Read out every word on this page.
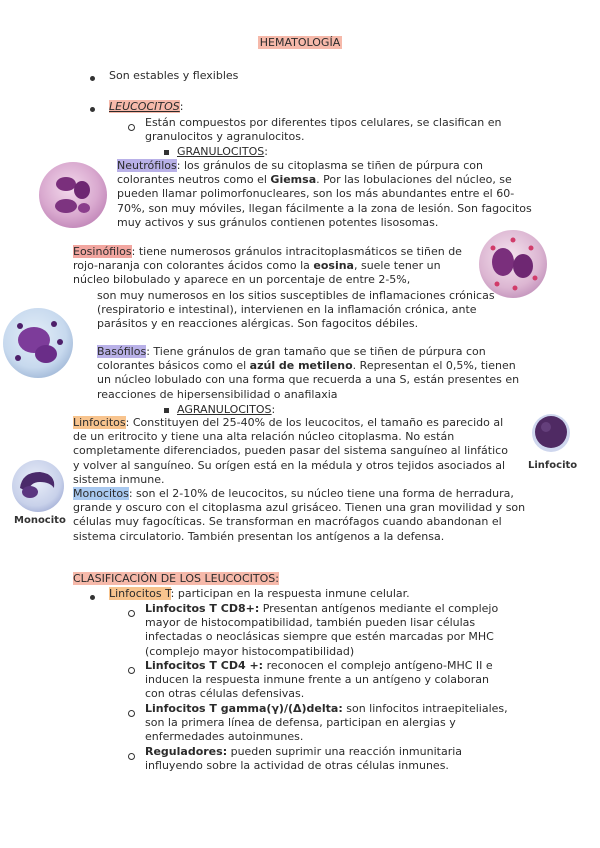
HEMATOLOGÍA
Son estables y flexibles
LEUCOCITOS:
Están compuestos por diferentes tipos celulares, se clasifican en granulocitos y agranulocitos.
GRANULOCITOS:
Neutrófilos: los gránulos de su citoplasma se tiñen de púrpura con colorantes neutros como el Giemsa. Por las lobulaciones del núcleo, se pueden llamar polimorfonucleares, son los más abundantes entre el 60-70%, son muy móviles, llegan fácilmente a la zona de lesión. Son fagocitos muy activos y sus gránulos contienen potentes lisosomas.
Eosinófilos: tiene numerosos gránulos intracitoplasmáticos se tiñen de rojo-naranja con colorantes ácidos como la eosina, suele tener un núcleo bilobulado y aparece en un porcentaje de entre 2-5%,
son muy numerosos en los sitios susceptibles de inflamaciones crónicas (respiratorio e intestinal), intervienen en la inflamación crónica, ante parásitos y en reacciones alérgicas. Son fagocitos débiles.
Basófilos: Tiene gránulos de gran tamaño que se tiñen de púrpura con colorantes básicos como el azúl de metileno. Representan el 0,5%, tienen un núcleo lobulado con una forma que recuerda a una S, están presentes en reacciones de hipersensibilidad o anafilaxia
AGRANULOCITOS:
Linfocitos: Constituyen del 25-40% de los leucocitos, el tamaño es parecido al de un eritrocito y tiene una alta relación núcleo citoplasma. No están completamente diferenciados, pueden pasar del sistema sanguíneo al linfático y volver al sanguíneo. Su orígen está en la médula y otros tejidos asociados al sistema inmune.
Linfocito
Monocito
Monocitos: son el 2-10% de leucocitos, su núcleo tiene una forma de herradura, grande y oscuro con el citoplasma azul grisáceo. Tienen una gran movilidad y son células muy fagocíticas. Se transforman en macrófagos cuando abandonan el sistema circulatorio. También presentan los antígenos a la defensa.
CLASIFICACIÓN DE LOS LEUCOCITOS:
Linfocitos T: participan en la respuesta inmune celular.
Linfocitos T CD8+: Presentan antígenos mediante el complejo mayor de histocompatibilidad, también pueden lisar células infectadas o neoclásicas siempre que estén marcadas por MHC (complejo mayor histocompatibilidad)
Linfocitos T CD4 +: reconocen el complejo antígeno-MHC II e inducen la respuesta inmune frente a un antígeno y colaboran con otras células defensivas.
Linfocitos T gamma(γ)/(Δ)delta: son linfocitos intraepiteliales, son la primera línea de defensa, participan en alergias y enfermedades autoinmunes.
Reguladores: pueden suprimir una reacción inmunitaria influyendo sobre la actividad de otras células inmunes.
